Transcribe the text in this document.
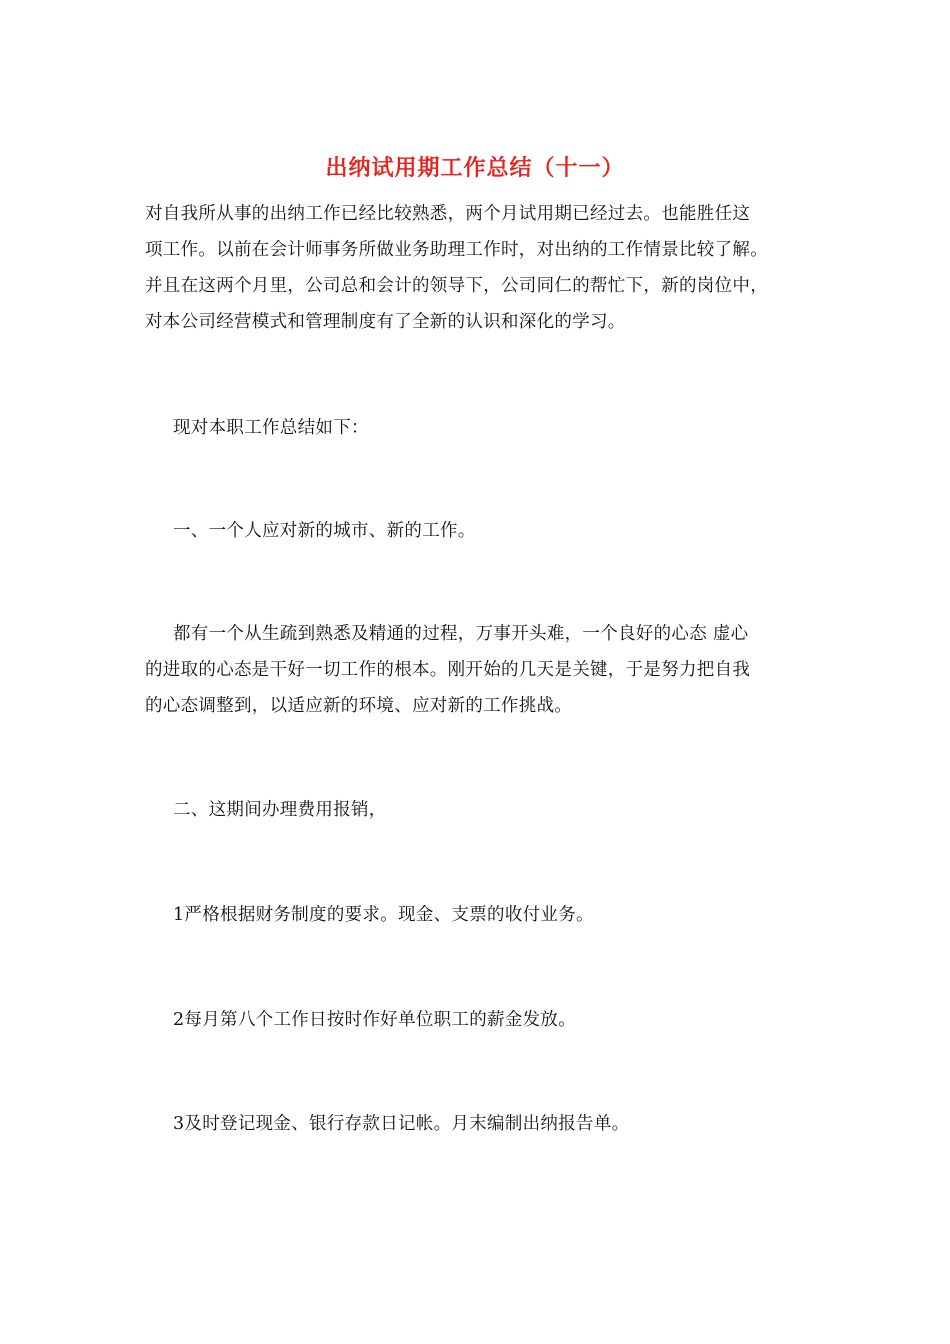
出纳试用期工作总结（十一）

对自我所从事的出纳工作已经比较熟悉，两个月试用期已经过去。也能胜任这
项工作。以前在会计师事务所做业务助理工作时，对出纳的工作情景比较了解。
并且在这两个月里，公司总和会计的领导下，公司同仁的帮忙下，新的岗位中，
对本公司经营模式和管理制度有了全新的认识和深化的学习。

现对本职工作总结如下：

一、一个人应对新的城市、新的工作。

都有一个从生疏到熟悉及精通的过程，万事开头难，一个良好的心态 虚心
的进取的心态是干好一切工作的根本。刚开始的几天是关键，于是努力把自我
的心态调整到，以适应新的环境、应对新的工作挑战。

二、这期间办理费用报销，

1严格根据财务制度的要求。现金、支票的收付业务。

2每月第八个工作日按时作好单位职工的薪金发放。

3及时登记现金、银行存款日记帐。月末编制出纳报告单。
